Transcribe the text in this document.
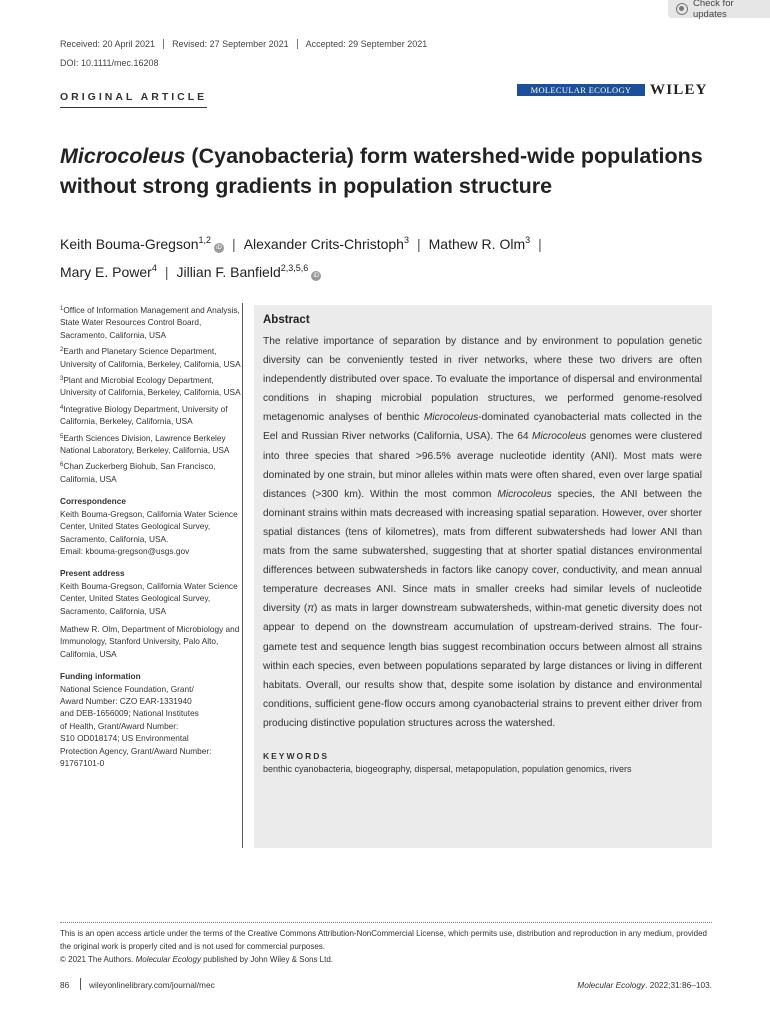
Check for updates
Received: 20 April 2021	Revised: 27 September 2021	Accepted: 29 September 2021
DOI: 10.1111/mec.16208
ORIGINAL ARTICLE
MOLECULAR ECOLOGY	WILEY
Microcoleus (Cyanobacteria) form watershed-wide populations without strong gradients in population structure
Keith Bouma-Gregson$^{1,2}$iD | Alexander Crits-Christoph$^3$ | Mathew R. Olm$^3$ |
Mary E. Power$^4$ | Jillian F. Banfield$^{2,3,5,6}$iD
$^1$Office of Information Management and Analysis, State Water Resources Control Board, Sacramento, California, USA
$^2$Earth and Planetary Science Department, University of California, Berkeley, California, USA
$^3$Plant and Microbial Ecology Department, University of California, Berkeley, California, USA
$^4$Integrative Biology Department, University of California, Berkeley, California, USA
$^5$Earth Sciences Division, Lawrence Berkeley National Laboratory, Berkeley, California, USA
$^6$Chan Zuckerberg Biohub, San Francisco, California, USA
Correspondence
Keith Bouma-Gregson, California Water Science Center, United States Geological Survey, Sacramento, California, USA.
Email: kbouma-gregson@usgs.gov
Present address
Keith Bouma-Gregson, California Water Science Center, United States Geological Survey, Sacramento, California, USA
Mathew R. Olm, Department of Microbiology and Immunology, Stanford University, Palo Alto, California, USA
Funding information
National Science Foundation, Grant/
Award Number: CZO EAR-1331940
and DEB-1656009; National Institutes
of Health, Grant/Award Number:
S10 OD018174; US Environmental
Protection Agency, Grant/Award Number:
91767101-0
Abstract
The relative importance of separation by distance and by environment to population genetic diversity can be conveniently tested in river networks, where these two drivers are often independently distributed over space. To evaluate the importance of dispersal and environmental conditions in shaping microbial population structures, we performed genome-resolved metagenomic analyses of benthic Microcoleus-dominated cyanobacterial mats collected in the Eel and Russian River networks (California, USA). The 64 Microcoleus genomes were clustered into three species that shared >96.5% average nucleotide identity (ANI). Most mats were dominated by one strain, but minor alleles within mats were often shared, even over large spatial distances (>300 km). Within the most common Microcoleus species, the ANI between the dominant strains within mats decreased with increasing spatial separation. However, over shorter spatial distances (tens of kilometres), mats from different subwatersheds had lower ANI than mats from the same subwatershed, suggesting that at shorter spatial distances environmental differences between subwatersheds in factors like canopy cover, conductivity, and mean annual temperature decreases ANI. Since mats in smaller creeks had similar levels of nucleotide diversity (π) as mats in larger downstream subwatersheds, within-mat genetic diversity does not appear to depend on the downstream accumulation of upstream-derived strains. The four-gamete test and sequence length bias suggest recombination occurs between almost all strains within each species, even between populations separated by large distances or living in different habitats. Overall, our results show that, despite some isolation by distance and environmental conditions, sufficient gene-flow occurs among cyanobacterial strains to prevent either driver from producing distinctive population structures across the watershed.
KEYWORDS
benthic cyanobacteria, biogeography, dispersal, metapopulation, population genomics, rivers
This is an open access article under the terms of the Creative Commons Attribution-NonCommercial License, which permits use, distribution and reproduction in any medium, provided the original work is properly cited and is not used for commercial purposes.
© 2021 The Authors. Molecular Ecology published by John Wiley & Sons Ltd.
86 wileyonlinelibrary.com/journal/mec	Molecular Ecology. 2022;31:86–103.
